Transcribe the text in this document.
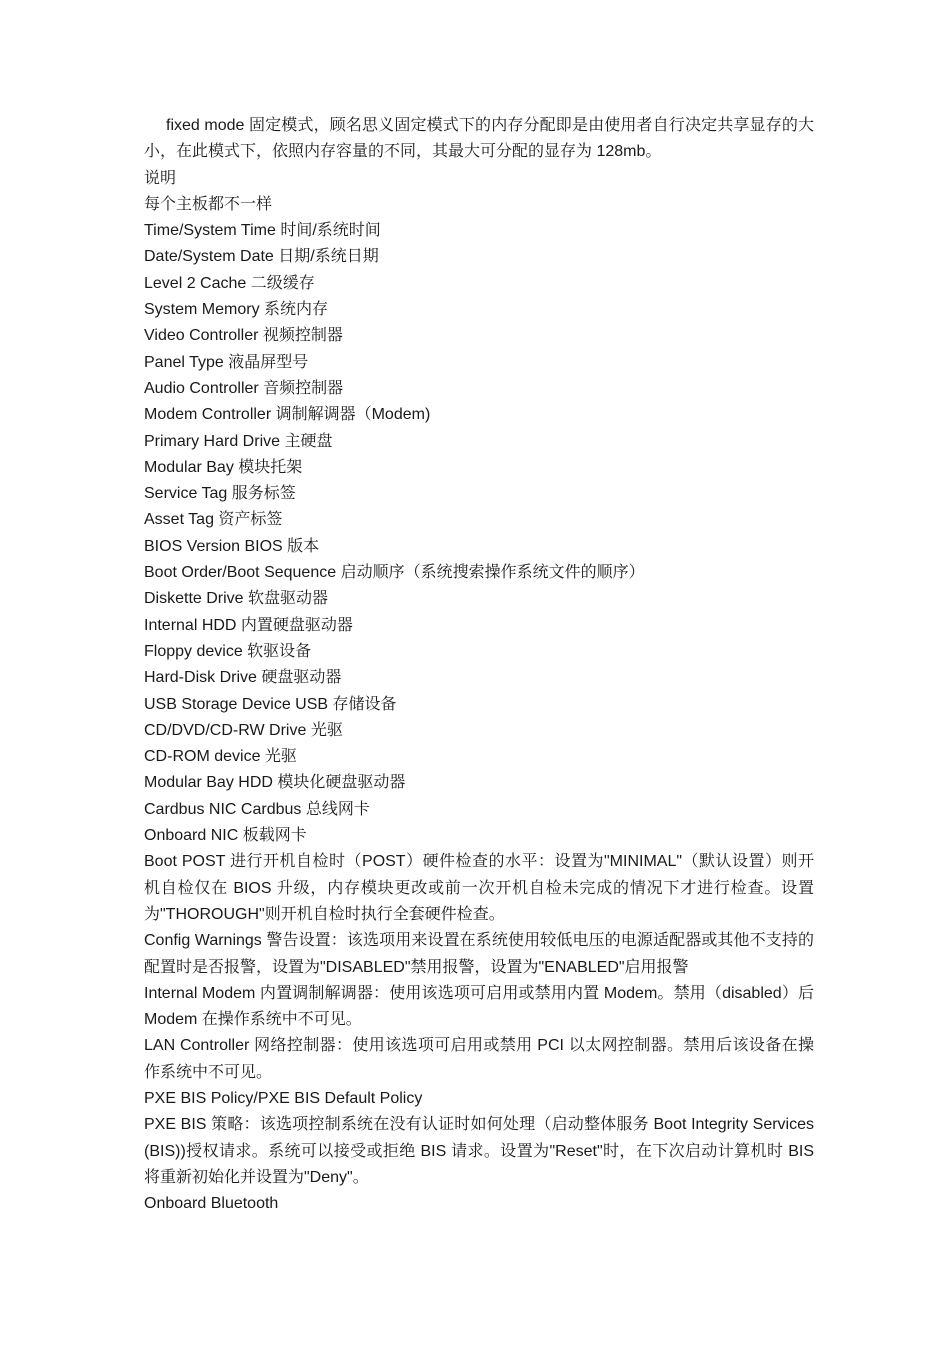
fixed mode 固定模式，顾名思义固定模式下的内存分配即是由使用者自行决定共享显存的大小，在此模式下，依照内存容量的不同，其最大可分配的显存为 128mb。

说明

每个主板都不一样

Time/System Time 时间/系统时间

Date/System Date 日期/系统日期

Level 2 Cache 二级缓存

System Memory 系统内存

Video Controller 视频控制器

Panel Type 液晶屏型号

Audio Controller 音频控制器

Modem Controller 调制解调器（Modem)

Primary Hard Drive 主硬盘

Modular Bay 模块托架

Service Tag 服务标签

Asset Tag 资产标签

BIOS Version BIOS 版本

Boot Order/Boot Sequence 启动顺序（系统搜索操作系统文件的顺序）

Diskette Drive 软盘驱动器

Internal HDD 内置硬盘驱动器

Floppy device 软驱设备

Hard-Disk Drive 硬盘驱动器

USB Storage Device USB 存储设备

CD/DVD/CD-RW Drive 光驱

CD-ROM device 光驱

Modular Bay HDD 模块化硬盘驱动器

Cardbus NIC Cardbus 总线网卡

Onboard NIC 板载网卡

Boot POST 进行开机自检时（POST）硬件检查的水平：设置为"MINIMAL"（默认设置）则开机自检仅在 BIOS 升级，内存模块更改或前一次开机自检未完成的情况下才进行检查。设置为"THOROUGH"则开机自检时执行全套硬件检查。

Config Warnings 警告设置：该选项用来设置在系统使用较低电压的电源适配器或其他不支持的配置时是否报警，设置为"DISABLED"禁用报警，设置为"ENABLED"启用报警

Internal Modem 内置调制解调器：使用该选项可启用或禁用内置 Modem。禁用（disabled）后 Modem 在操作系统中不可见。

LAN Controller 网络控制器：使用该选项可启用或禁用 PCI 以太网控制器。禁用后该设备在操作系统中不可见。

PXE BIS Policy/PXE BIS Default Policy

PXE BIS 策略：该选项控制系统在没有认证时如何处理（启动整体服务 Boot Integrity Services(BIS))授权请求。系统可以接受或拒绝 BIS 请求。设置为"Reset"时，在下次启动计算机时 BIS 将重新初始化并设置为"Deny"。

Onboard Bluetooth
